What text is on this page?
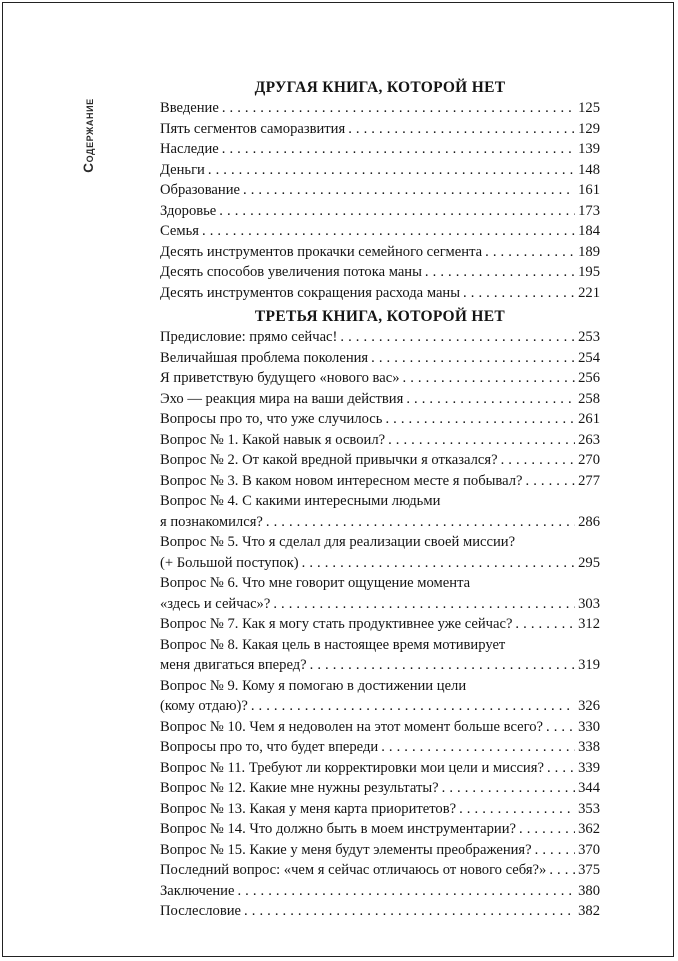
Содержание
ДРУГАЯ КНИГА, КОТОРОЙ НЕТ
Введение . . .	125
Пять сегментов саморазвития . . .	129
Наследие . . .	139
Деньги . . .	148
Образование . . .	161
Здоровье . . .	173
Семья . . .	184
Десять инструментов прокачки семейного сегмента . . .	189
Десять способов увеличения потока маны . . .	195
Десять инструментов сокращения расхода маны . . .	221
ТРЕТЬЯ КНИГА, КОТОРОЙ НЕТ
Предисловие: прямо сейчас! . . .	253
Величайшая проблема поколения . . .	254
Я приветствую будущего «нового вас» . . .	256
Эхо — реакция мира на ваши действия . . .	258
Вопросы про то, что уже случилось . . .	261
Вопрос № 1. Какой навык я освоил? . . .	263
Вопрос № 2. От какой вредной привычки я отказался? . . .	270
Вопрос № 3. В каком новом интересном месте я побывал? . . .	277
Вопрос № 4. С какими интересными людьми
я познакомился? . . .	286
Вопрос № 5. Что я сделал для реализации своей миссии?
(+ Большой поступок) . . .	295
Вопрос № 6. Что мне говорит ощущение момента
«здесь и сейчас»? . . .	303
Вопрос № 7. Как я могу стать продуктивнее уже сейчас? . . .	312
Вопрос № 8. Какая цель в настоящее время мотивирует
меня двигаться вперед? . . .	319
Вопрос № 9. Кому я помогаю в достижении цели
(кому отдаю)? . . .	326
Вопрос № 10. Чем я недоволен на этот момент больше всего? . . . 330
Вопросы про то, что будет впереди . . .	338
Вопрос № 11. Требуют ли корректировки мои цели и миссия? . . . 339
Вопрос № 12. Какие мне нужны результаты? . . .	344
Вопрос № 13. Какая у меня карта приоритетов? . . .	353
Вопрос № 14. Что должно быть в моем инструментарии? . . .	362
Вопрос № 15. Какие у меня будут элементы преображения? . . .	370
Последний вопрос: «чем я сейчас отличаюсь от нового себя?» . . . 375
Заключение . . .	380
Послесловие . . .	382
